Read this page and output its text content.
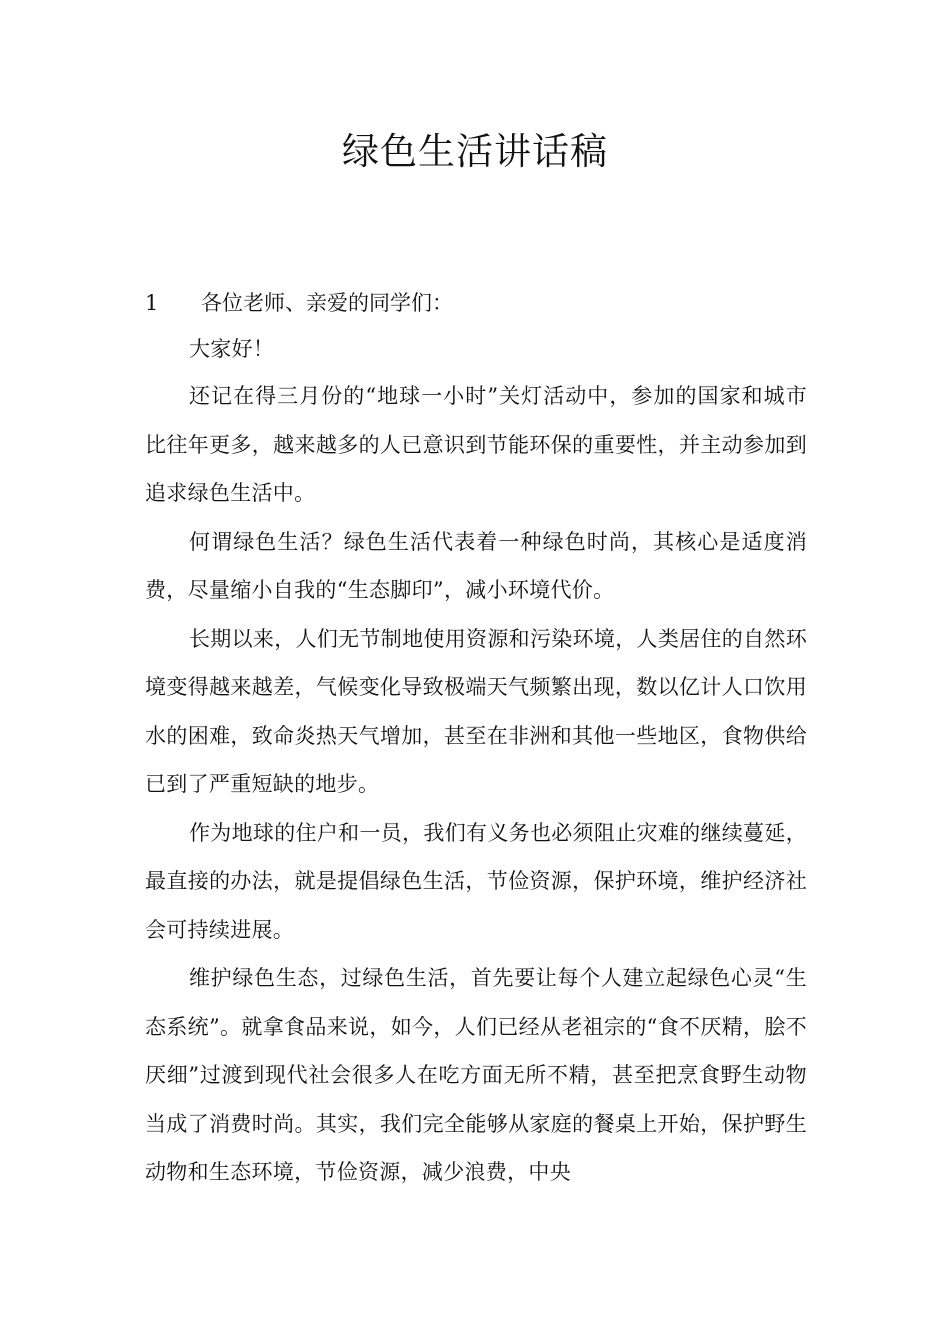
绿色生活讲话稿
1 各位老师、亲爱的同学们：

大家好！

还记在得三月份的“地球一小时”关灯活动中，参加的国家和城市比往年更多，越来越多的人已意识到节能环保的重要性，并主动参加到追求绿色生活中。

何谓绿色生活？绿色生活代表着一种绿色时尚，其核心是适度消费，尽量缩小自我的“生态脚印”，减小环境代价。

长期以来，人们无节制地使用资源和污染环境，人类居住的自然环境变得越来越差，气候变化导致极端天气频繁出现，数以亿计人口饮用水的困难，致命炎热天气增加，甚至在非洲和其他一些地区，食物供给已到了严重短缺的地步。

作为地球的住户和一员，我们有义务也必须阻止灾难的继续蔓延，最直接的办法，就是提倡绿色生活，节俭资源，保护环境，维护经济社会可持续进展。

维护绿色生态，过绿色生活，首先要让每个人建立起绿色心灵“生态系统”。就拿食品来说，如今，人们已经从老祖宗的“食不厌精，脍不厌细”过渡到现代社会很多人在吃方面无所不精，甚至把烹食野生动物当成了消费时尚。其实，我们完全能够从家庭的餐桌上开始，保护野生动物和生态环境，节俭资源，减少浪费，中央
